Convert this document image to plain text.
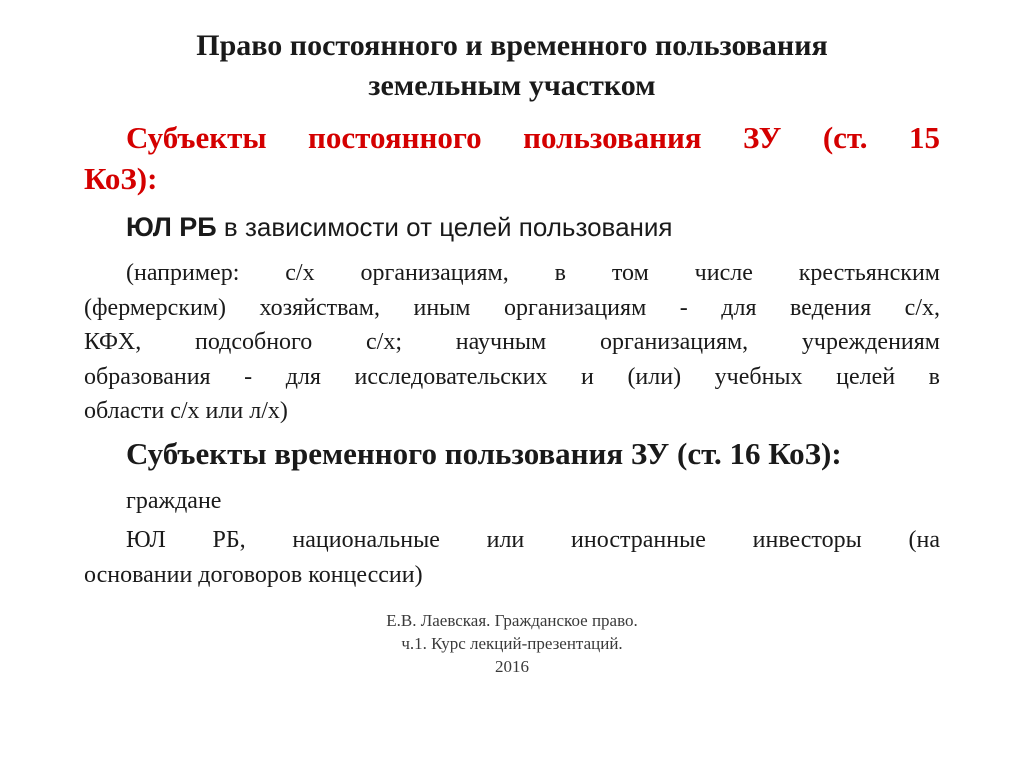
Право постоянного и временного пользования
земельным участком
Субъекты постоянного пользования ЗУ (ст. 15
КоЗ):
ЮЛ РБ в зависимости от целей пользования
(например: с/х организациям, в том числе крестьянским
(фермерским) хозяйствам, иным организациям - для ведения с/х,
КФХ, подсобного с/х; научным организациям, учреждениям
образования - для исследовательских и (или) учебных целей в
области с/х или л/х)
Субъекты временного пользования ЗУ (ст. 16 КоЗ):
граждане
ЮЛ РБ, национальные или иностранные инвесторы (на
основании договоров концессии)
Е.В. Лаевская. Гражданское право.
ч.1. Курс лекций-презентаций.
2016
